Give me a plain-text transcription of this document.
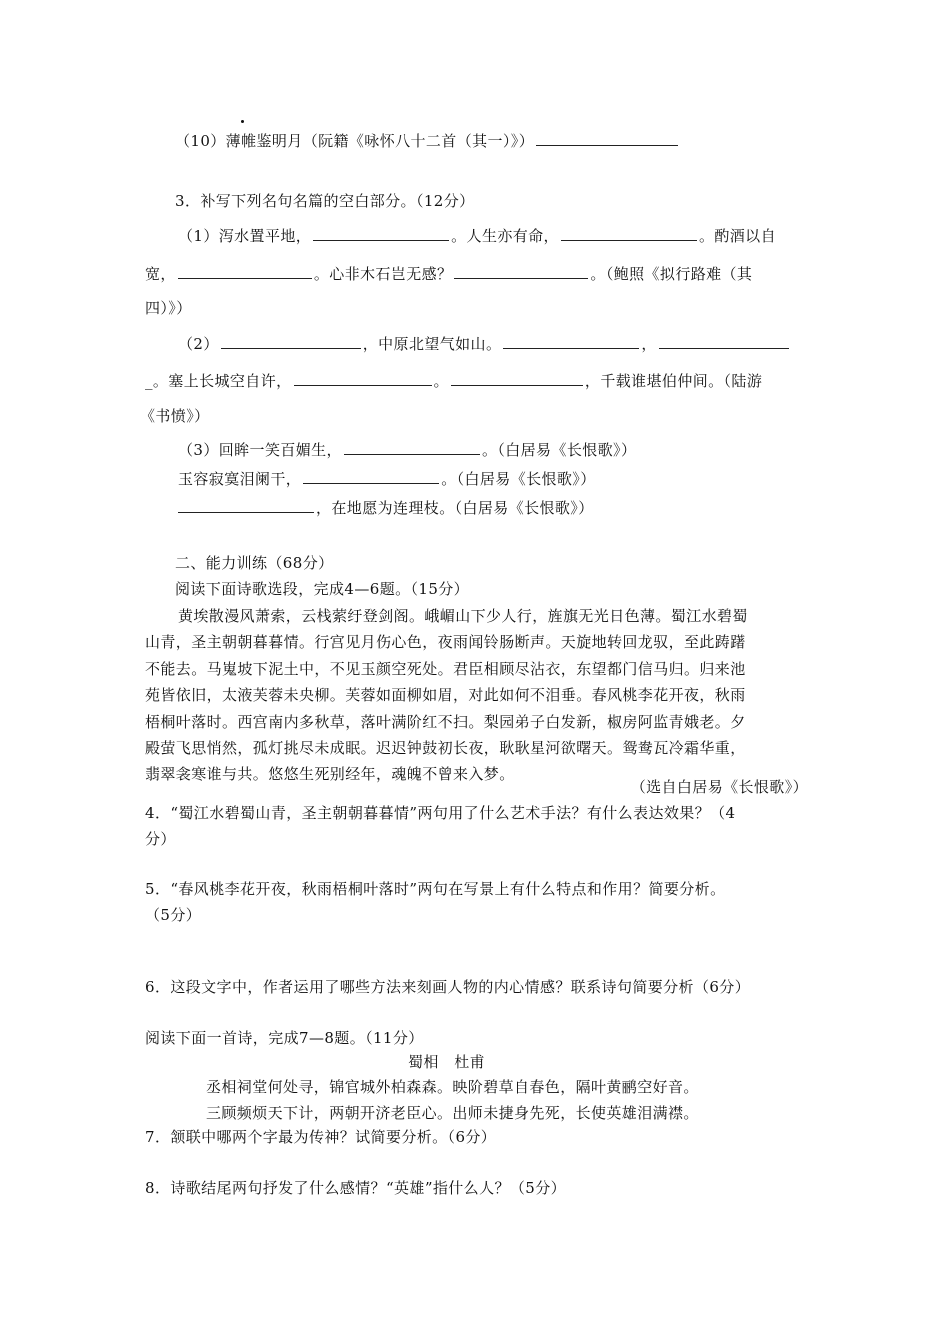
（10）薄帷鉴明月（阮籍《咏怀八十二首（其一）》）
3．补写下列名句名篇的空白部分。（12分）
（1）泻水置平地，	。人生亦有命，	。酌酒以自
宽，	。心非木石岂无感？	。（鲍照《拟行路难（其
四）》）
（2）	，中原北望气如山。	，
_。塞上长城空自许，	。	，千载谁堪伯仲间。（陆游
《书愤》）
（3）回眸一笑百媚生，	。（白居易《长恨歌》）
玉容寂寞泪阑干，	。（白居易《长恨歌》）
，在地愿为连理枝。（白居易《长恨歌》）
二、能力训练（68分）
阅读下面诗歌选段，完成4—6题。（15分）
黄埃散漫风萧索，云栈萦纡登剑阁。峨嵋山下少人行，旌旗无光日色薄。蜀江水碧蜀
山青，圣主朝朝暮暮情。行宫见月伤心色，夜雨闻铃肠断声。天旋地转回龙驭，至此踌躇
不能去。马嵬坡下泥土中，不见玉颜空死处。君臣相顾尽沾衣，东望都门信马归。归来池
苑皆依旧，太液芙蓉未央柳。芙蓉如面柳如眉，对此如何不泪垂。春风桃李花开夜，秋雨
梧桐叶落时。西宫南内多秋草，落叶满阶红不扫。梨园弟子白发新，椒房阿监青娥老。夕
殿萤飞思悄然，孤灯挑尽未成眠。迟迟钟鼓初长夜，耿耿星河欲曙天。鸳鸯瓦冷霜华重，
翡翠衾寒谁与共。悠悠生死别经年，魂魄不曾来入梦。
（选自白居易《长恨歌》）
4．“蜀江水碧蜀山青，圣主朝朝暮暮情”两句用了什么艺术手法？有什么表达效果？（4
分）
5．“春风桃李花开夜，秋雨梧桐叶落时”两句在写景上有什么特点和作用？简要分析。
（5分）
6．这段文字中，作者运用了哪些方法来刻画人物的内心情感？联系诗句简要分析（6分）
阅读下面一首诗，完成7—8题。（11分）
蜀相　杜甫
丞相祠堂何处寻，锦官城外柏森森。映阶碧草自春色，隔叶黄鹂空好音。
三顾频烦天下计，两朝开济老臣心。出师未捷身先死，长使英雄泪满襟。
7．颔联中哪两个字最为传神？试简要分析。（6分）
8．诗歌结尾两句抒发了什么感情？“英雄”指什么人？（5分）
